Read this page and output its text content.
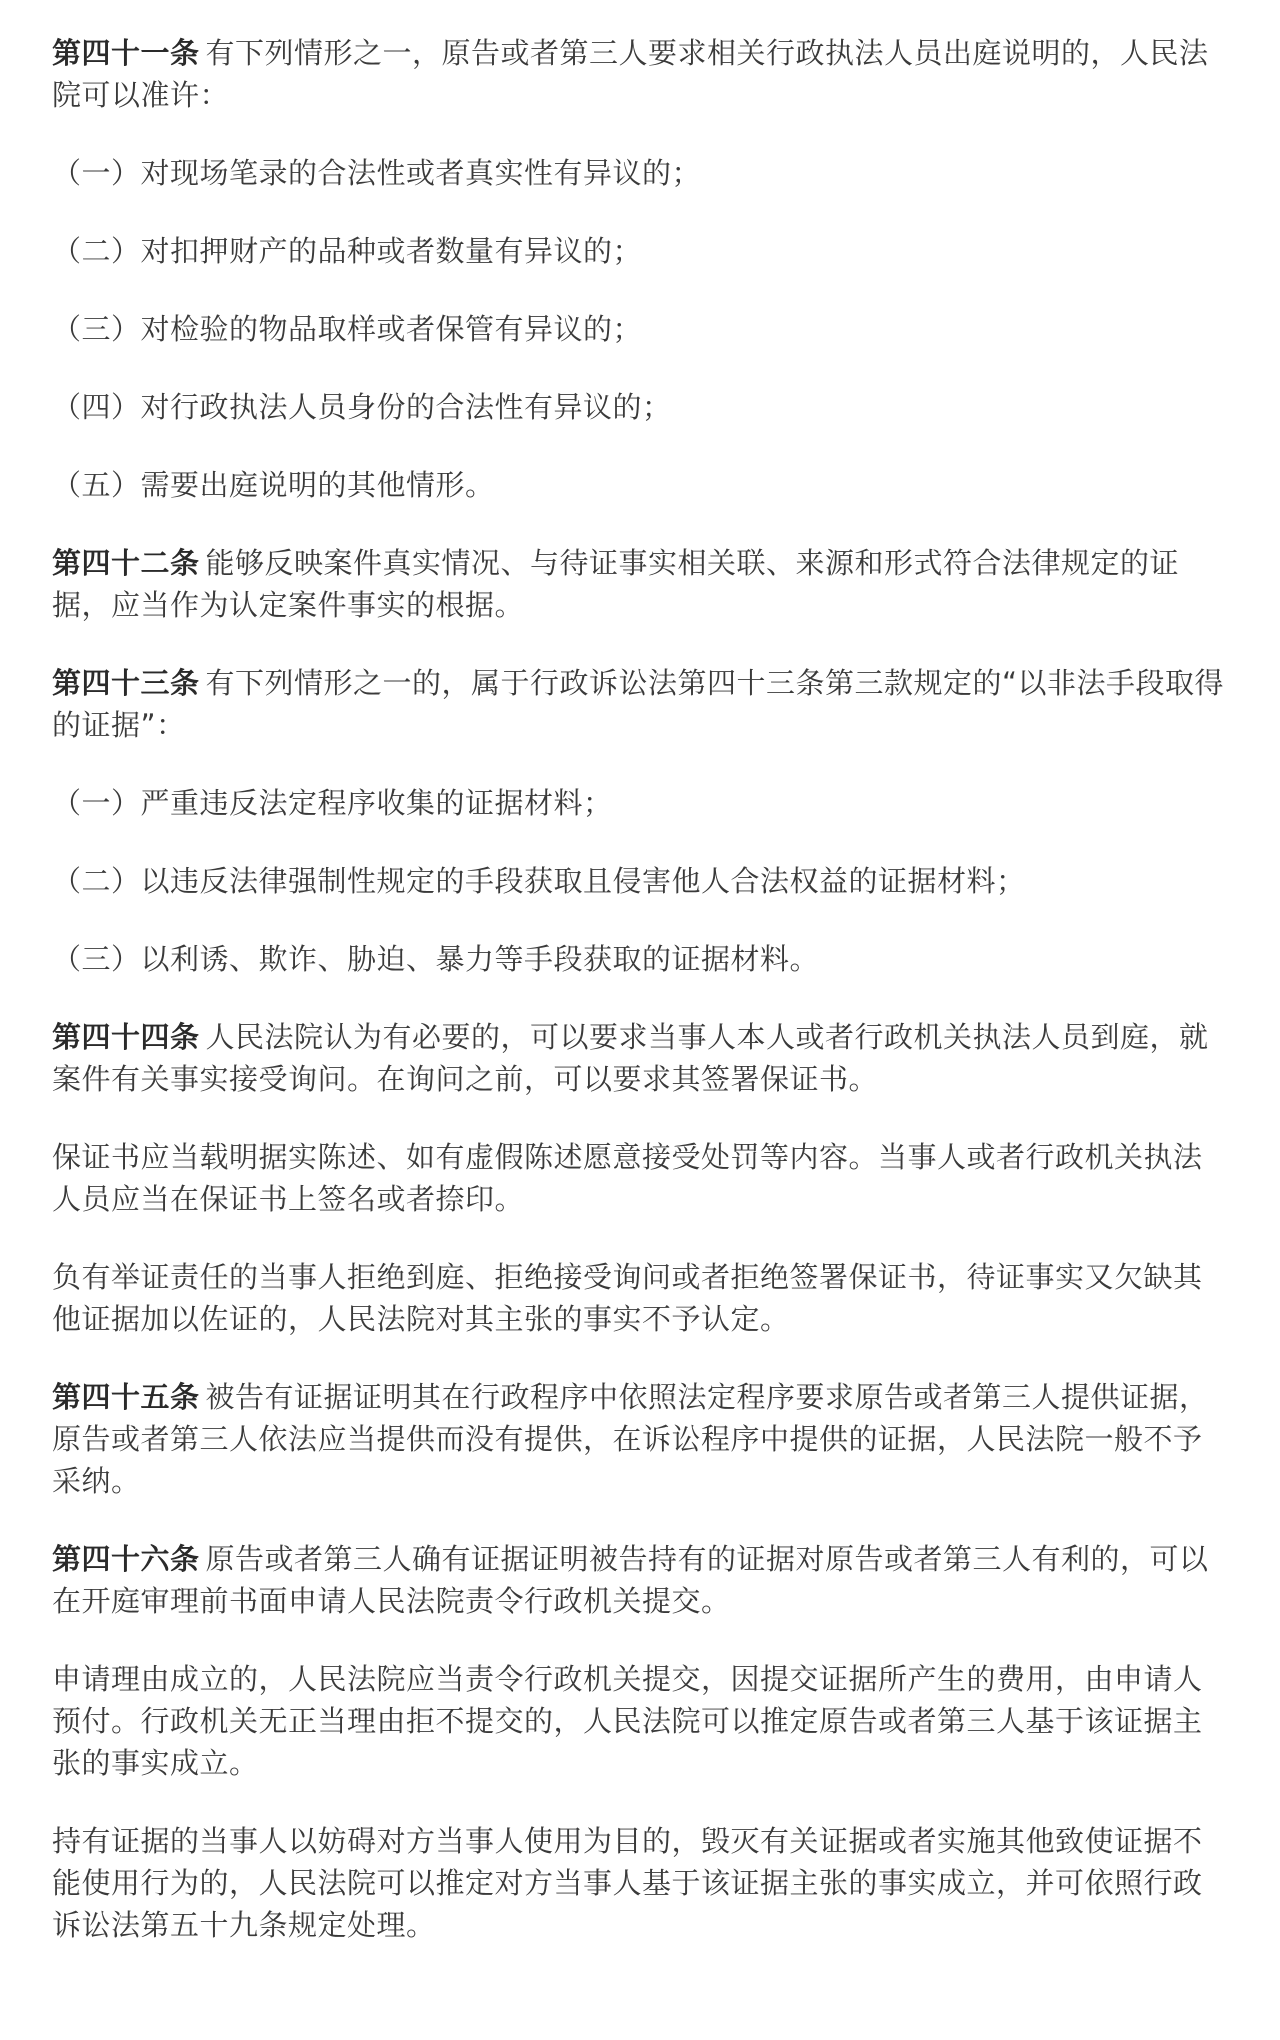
第四十一条 有下列情形之一，原告或者第三人要求相关行政执法人员出庭说明的，人民法院可以准许：

（一）对现场笔录的合法性或者真实性有异议的；

（二）对扣押财产的品种或者数量有异议的；

（三）对检验的物品取样或者保管有异议的；

（四）对行政执法人员身份的合法性有异议的；

（五）需要出庭说明的其他情形。

第四十二条 能够反映案件真实情况、与待证事实相关联、来源和形式符合法律规定的证据，应当作为认定案件事实的根据。

第四十三条 有下列情形之一的，属于行政诉讼法第四十三条第三款规定的“以非法手段取得的证据”：

（一）严重违反法定程序收集的证据材料；

（二）以违反法律强制性规定的手段获取且侵害他人合法权益的证据材料；

（三）以利诱、欺诈、胁迫、暴力等手段获取的证据材料。

第四十四条 人民法院认为有必要的，可以要求当事人本人或者行政机关执法人员到庭，就案件有关事实接受询问。在询问之前，可以要求其签署保证书。

保证书应当载明据实陈述、如有虚假陈述愿意接受处罚等内容。当事人或者行政机关执法人员应当在保证书上签名或者捺印。

负有举证责任的当事人拒绝到庭、拒绝接受询问或者拒绝签署保证书，待证事实又欠缺其他证据加以佐证的，人民法院对其主张的事实不予认定。

第四十五条 被告有证据证明其在行政程序中依照法定程序要求原告或者第三人提供证据，原告或者第三人依法应当提供而没有提供，在诉讼程序中提供的证据，人民法院一般不予采纳。

第四十六条 原告或者第三人确有证据证明被告持有的证据对原告或者第三人有利的，可以在开庭审理前书面申请人民法院责令行政机关提交。

申请理由成立的，人民法院应当责令行政机关提交，因提交证据所产生的费用，由申请人预付。行政机关无正当理由拒不提交的，人民法院可以推定原告或者第三人基于该证据主张的事实成立。

持有证据的当事人以妨碍对方当事人使用为目的，毁灭有关证据或者实施其他致使证据不能使用行为的，人民法院可以推定对方当事人基于该证据主张的事实成立，并可依照行政诉讼法第五十九条规定处理。
